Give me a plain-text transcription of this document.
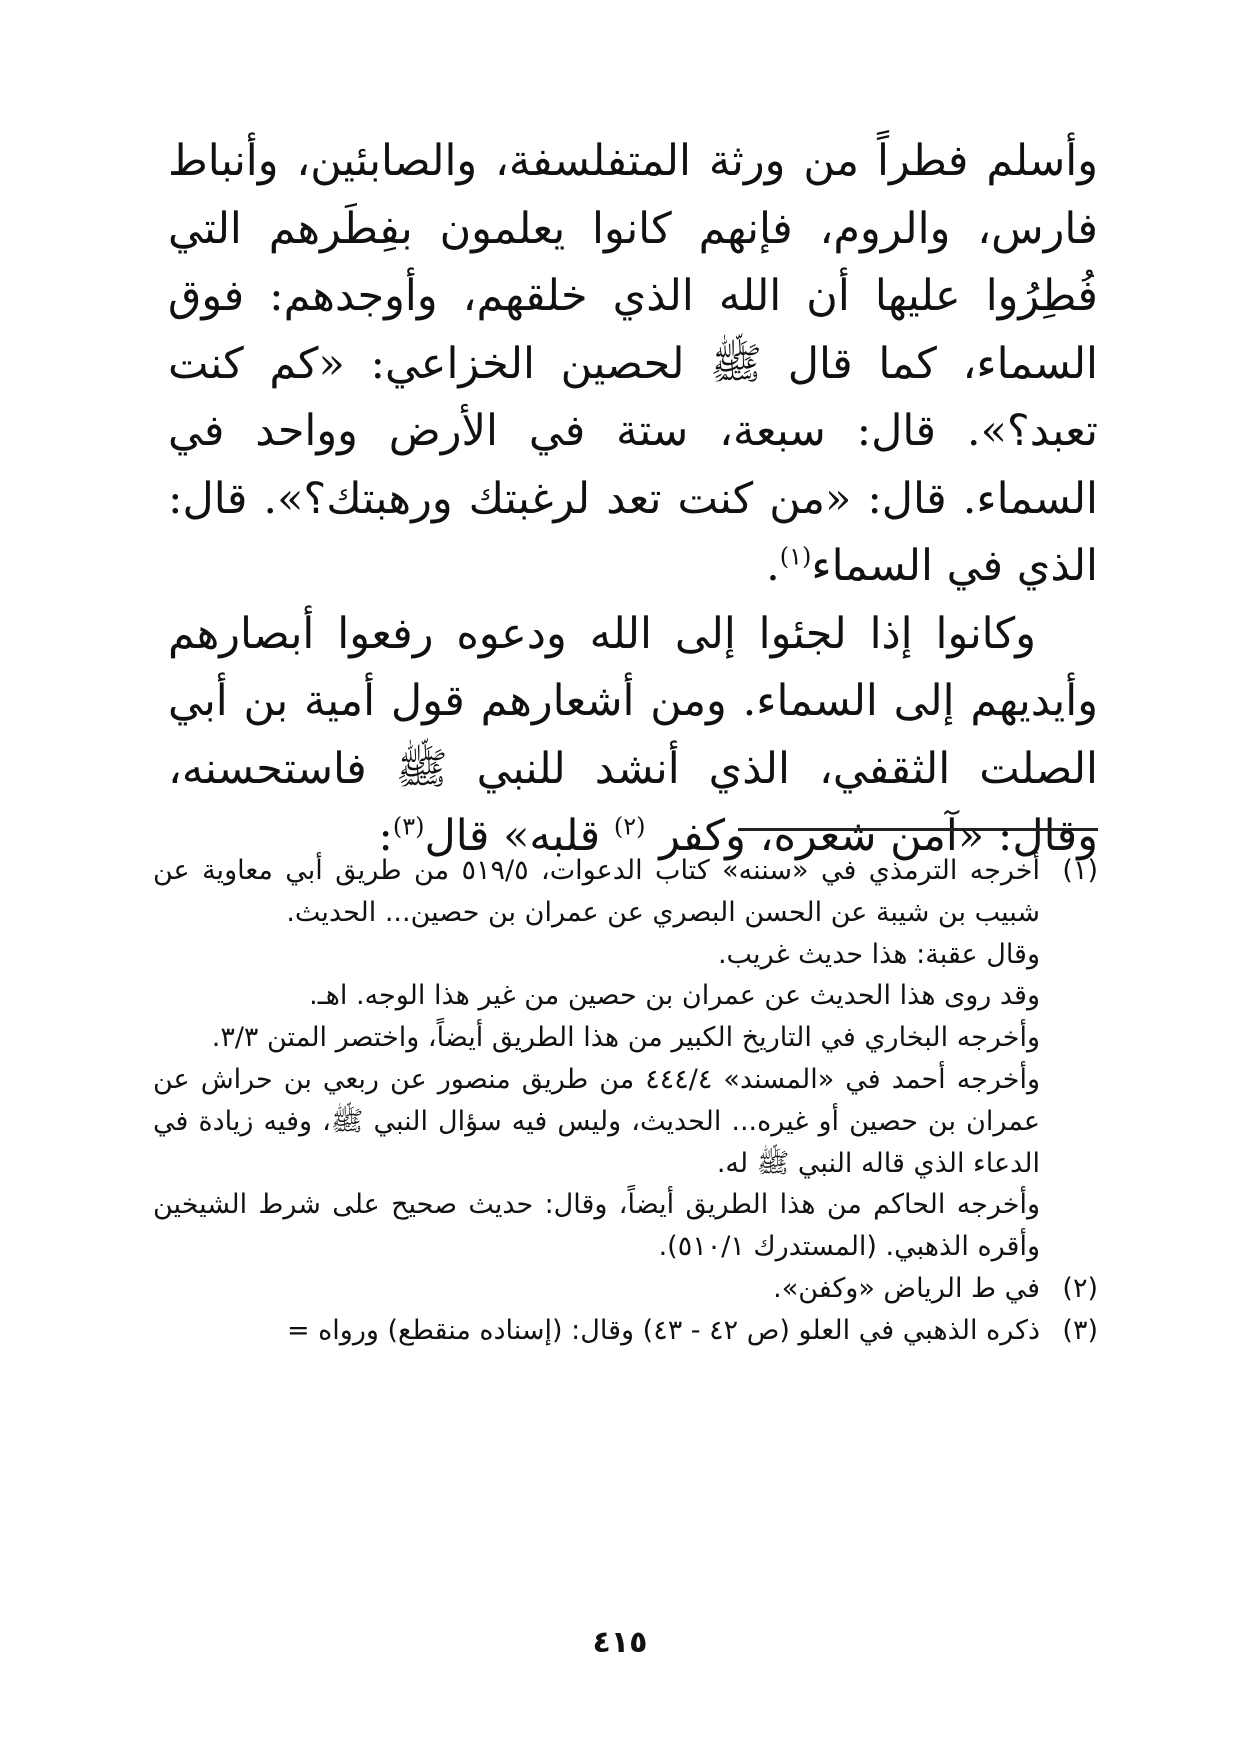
وأسلم فطراً من ورثة المتفلسفة، والصابئين، وأنباط فارس، والروم، فإنهم كانوا يعلمون بفِطَرهم التي فُطِرُوا عليها أن الله الذي خلقهم، وأوجدهم: فوق السماء، كما قال ﷺ لحصين الخزاعي: «كم كنت تعبد؟». قال: سبعة، ستة في الأرض وواحد في السماء. قال: «من كنت تعد لرغبتك ورهبتك؟». قال: الذي في السماء$^{(١)}$.

وكانوا إذا لجئوا إلى الله ودعوه رفعوا أبصارهم وأيديهم إلى السماء. ومن أشعارهم قول أمية بن أبي الصلت الثقفي، الذي أنشد للنبي ﷺ فاستحسنه، وقال: «آمن شعره، وكفر $^{(٢)}$ قلبه» قال$^{(٣)}$:

(١)

أخرجه الترمذي في «سننه» كتاب الدعوات، ٥١٩/٥ من طريق أبي معاوية عن شبيب بن شيبة عن الحسن البصري عن عمران بن حصين... الحديث.

وقال عقبة: هذا حديث غريب.

وقد روى هذا الحديث عن عمران بن حصين من غير هذا الوجه. اهـ.

وأخرجه البخاري في التاريخ الكبير من هذا الطريق أيضاً، واختصر المتن ٣/٣.

وأخرجه أحمد في «المسند» ٤٤٤/٤ من طريق منصور عن ربعي بن حراش عن عمران بن حصين أو غيره... الحديث، وليس فيه سؤال النبي ﷺ، وفيه زيادة في الدعاء الذي قاله النبي ﷺ له.

وأخرجه الحاكم من هذا الطريق أيضاً، وقال: حديث صحيح على شرط الشيخين وأقره الذهبي. (المستدرك ٥١٠/١).

(٢)

في ط الرياض «وكفن».

(٣)

ذكره الذهبي في العلو (ص ٤٢ - ٤٣) وقال: (إسناده منقطع) ورواه =

٤١٥
